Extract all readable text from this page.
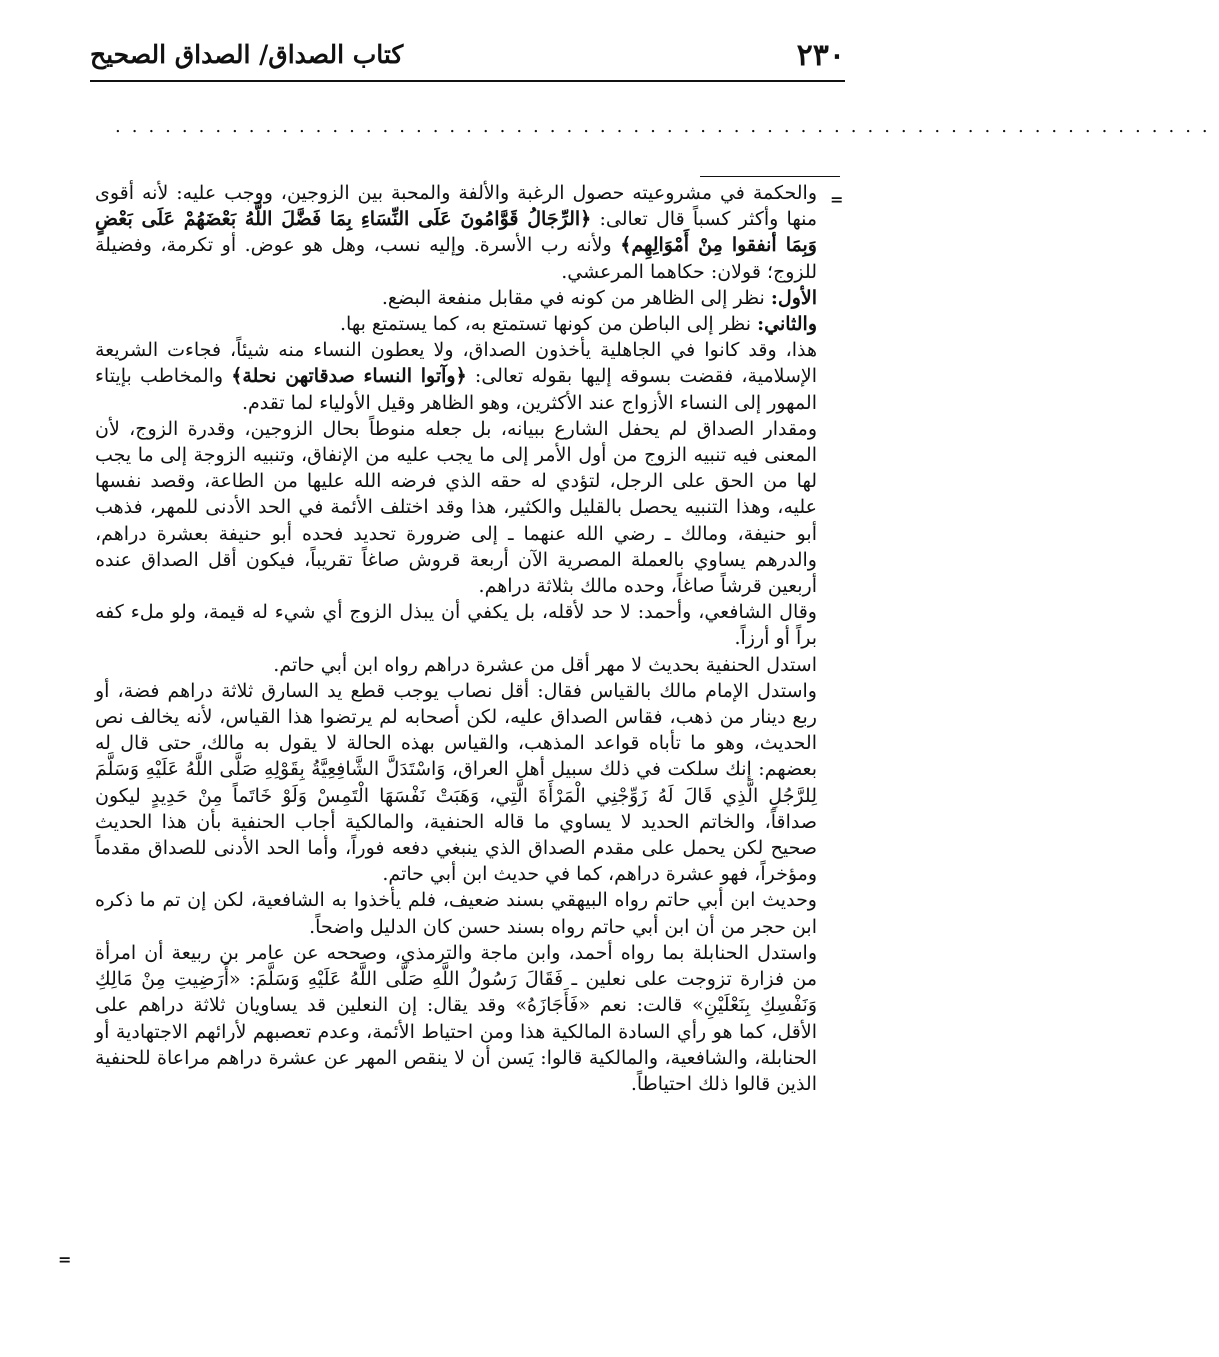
٢٣٠
كتاب الصداق/ الصداق الصحيح
..................................................................
=

والحكمة في مشروعيته حصول الرغبة والألفة والمحبة بين الزوجين، ووجب عليه: لأنه أقوى منها وأكثر كسباً قال تعالى: ﴿الرِّجَالُ قَوَّامُونَ عَلَى النِّسَاءِ بِمَا فَضَّلَ اللَّهُ بَعْضَهُمْ عَلَى بَعْضٍ وَبِمَا أنفقوا مِنْ أَمْوَالِهِم﴾ ولأنه رب الأسرة. وإليه نسب، وهل هو عوض. أو تكرمة، وفضيلة للزوج؛ قولان: حكاهما المرعشي.

الأول: نظر إلى الظاهر من كونه في مقابل منفعة البضع.

والثاني: نظر إلى الباطن من كونها تستمتع به، كما يستمتع بها.

هذا، وقد كانوا في الجاهلية يأخذون الصداق، ولا يعطون النساء منه شيئاً، فجاءت الشريعة الإسلامية، فقضت بسوقه إليها بقوله تعالى: ﴿وآتوا النساء صدقاتهن نحلة﴾ والمخاطب بإيتاء المهور إلى النساء الأزواج عند الأكثرين، وهو الظاهر وقيل الأولياء لما تقدم.

ومقدار الصداق لم يحفل الشارع ببيانه، بل جعله منوطاً بحال الزوجين، وقدرة الزوج، لأن المعنى فيه تنبيه الزوج من أول الأمر إلى ما يجب عليه من الإنفاق، وتنبيه الزوجة إلى ما يجب لها من الحق على الرجل، لتؤدي له حقه الذي فرضه الله عليها من الطاعة، وقصد نفسها عليه، وهذا التنبيه يحصل بالقليل والكثير، هذا وقد اختلف الأئمة في الحد الأدنى للمهر، فذهب أبو حنيفة، ومالك ـ رضي الله عنهما ـ إلى ضرورة تحديد فحده أبو حنيفة بعشرة دراهم، والدرهم يساوي بالعملة المصرية الآن أربعة قروش صاغاً تقريباً، فيكون أقل الصداق عنده أربعين قرشاً صاغاً، وحده مالك بثلاثة دراهم.

وقال الشافعي، وأحمد: لا حد لأقله، بل يكفي أن يبذل الزوج أي شيء له قيمة، ولو ملء كفه براً أو أرزاً.

استدل الحنفية بحديث لا مهر أقل من عشرة دراهم رواه ابن أبي حاتم.

واستدل الإمام مالك بالقياس فقال: أقل نصاب يوجب قطع يد السارق ثلاثة دراهم فضة، أو ربع دينار من ذهب، فقاس الصداق عليه، لكن أصحابه لم يرتضوا هذا القياس، لأنه يخالف نص الحديث، وهو ما تأباه قواعد المذهب، والقياس بهذه الحالة لا يقول به مالك، حتى قال له بعضهم: إنك سلكت في ذلك سبيل أهل العراق، وَاسْتَدَلَّ الشَّافِعِيَّةُ بِقَوْلِهِ صَلَّى اللَّهُ عَلَيْهِ وَسَلَّمَ لِلرَّجُلِ الَّذِي قَالَ لَهُ زَوِّجْنِي الْمَرْأَةَ الَّتِي، وَهَبَتْ نَفْسَهَا الْتَمِسْ وَلَوْ خَاتَماً مِنْ حَدِيدٍ ليكون صداقاً، والخاتم الحديد لا يساوي ما قاله الحنفية، والمالكية أجاب الحنفية بأن هذا الحديث صحيح لكن يحمل على مقدم الصداق الذي ينبغي دفعه فوراً، وأما الحد الأدنى للصداق مقدماً ومؤخراً، فهو عشرة دراهم، كما في حديث ابن أبي حاتم.

وحديث ابن أبي حاتم رواه البيهقي بسند ضعيف، فلم يأخذوا به الشافعية، لكن إن تم ما ذكره ابن حجر من أن ابن أبي حاتم رواه بسند حسن كان الدليل واضحاً.

واستدل الحنابلة بما رواه أحمد، وابن ماجة والترمذي، وصححه عن عامر بن ربيعة أن امرأة من فزارة تزوجت على نعلين ـ فَقَالَ رَسُولُ اللَّهِ صَلَّى اللَّهُ عَلَيْهِ وَسَلَّمَ: «أَرَضِيتِ مِنْ مَالِكِ وَنَفْسِكِ بِنَعْلَيْنِ» قالت: نعم «فَأَجَازَهُ» وقد يقال: إن النعلين قد يساويان ثلاثة دراهم على الأقل، كما هو رأي السادة المالكية هذا ومن احتياط الأئمة، وعدم تعصبهم لأرائهم الاجتهادية أو الحنابلة، والشافعية، والمالكية قالوا: يَسن أن لا ينقص المهر عن عشرة دراهم مراعاة للحنفية الذين قالوا ذلك احتياطاً.

=
